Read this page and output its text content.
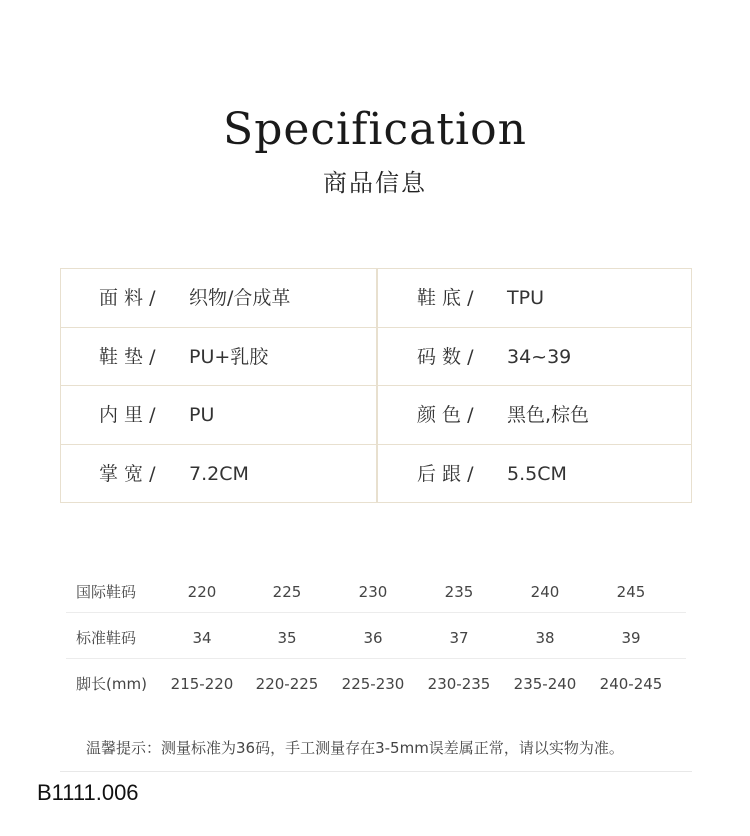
Specification
商品信息
面 料 / 织物/合成革	鞋 底 / TPU
鞋 垫 / PU+乳胶	码 数 / 34~39
内 里 / PU	颜 色 / 黑色,棕色
掌 宽 / 7.2CM	后 跟 / 5.5CM
国际鞋码	220	225	230	235	240	245
标准鞋码	34	35	36	37	38	39
脚长(mm)	215-220	220-225	225-230	230-235	235-240	240-245
温馨提示：测量标准为36码，手工测量存在3-5mm误差属正常，请以实物为准。
B1111.006
